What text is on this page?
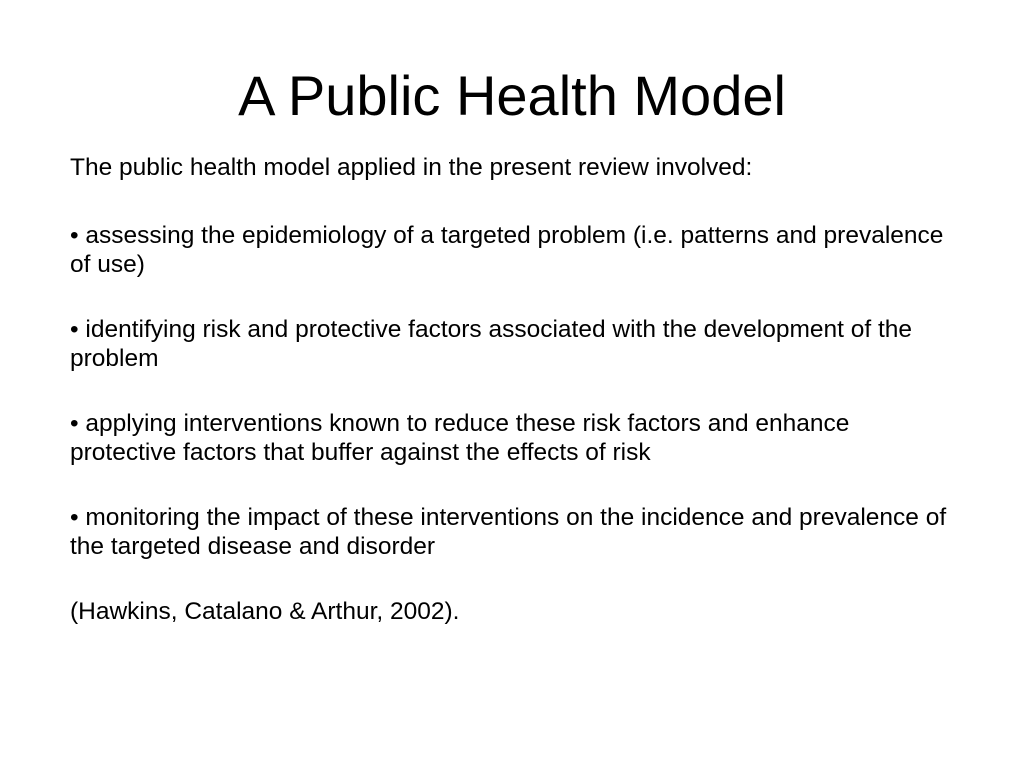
A Public Health Model

The public health model applied in the present review involved:

• assessing the epidemiology of a targeted problem (i.e. patterns and prevalence of use)

• identifying risk and protective factors associated with the development of the problem

• applying interventions known to reduce these risk factors and enhance protective factors that buffer against the effects of risk

• monitoring the impact of these interventions on the incidence and prevalence of the targeted disease and disorder

(Hawkins, Catalano & Arthur, 2002).
